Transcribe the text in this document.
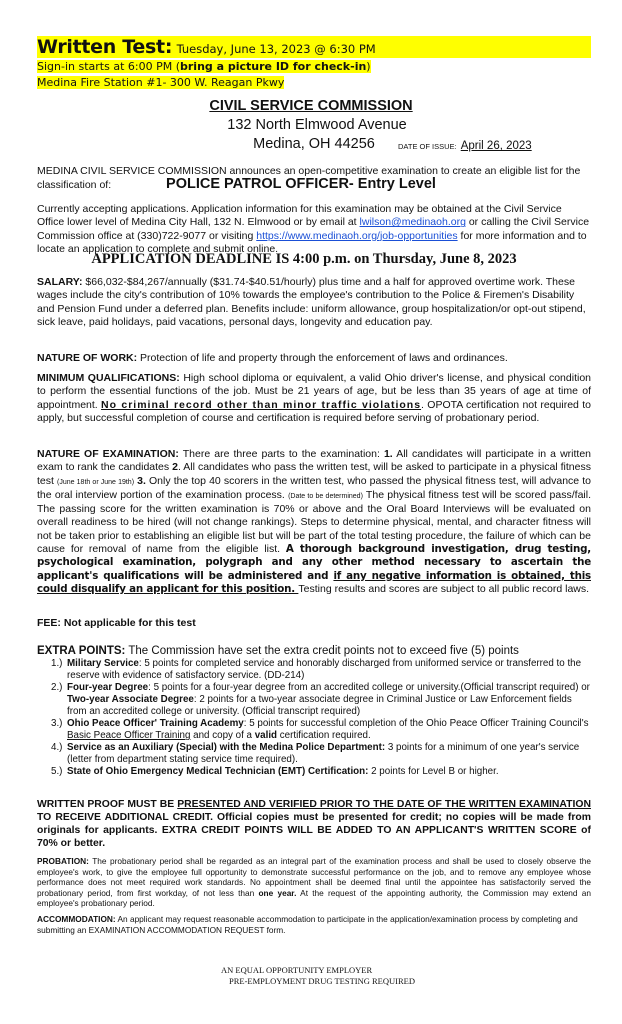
Written Test: Tuesday, June 13, 2023 @ 6:30 PM
Sign-in starts at 6:00 PM (bring a picture ID for check-in)
Medina Fire Station #1- 300 W. Reagan Pkwy
CIVIL SERVICE COMMISSION
132 North Elmwood Avenue
Medina, OH 44256	DATE OF ISSUE: April 26, 2023
MEDINA CIVIL SERVICE COMMISSION announces an open-competitive examination to create an eligible list for the classification of:	POLICE PATROL OFFICER- Entry Level
Currently accepting applications. Application information for this examination may be obtained at the Civil Service Office lower level of Medina City Hall, 132 N. Elmwood or by email at lwilson@medinaoh.org or calling the Civil Service Commission office at (330)722-9077 or visiting https://www.medinaoh.org/job-opportunities for more information and to locate an application to complete and submit online.
APPLICATION DEADLINE IS 4:00 p.m. on Thursday, June 8, 2023
SALARY: $66,032-$84,267/annually ($31.74-$40.51/hourly) plus time and a half for approved overtime work. These wages include the city's contribution of 10% towards the employee's contribution to the Police & Firemen's Disability and Pension Fund under a deferred plan. Benefits include: uniform allowance, group hospitalization/or opt-out stipend, sick leave, paid holidays, paid vacations, personal days, longevity and education pay.
NATURE OF WORK: Protection of life and property through the enforcement of laws and ordinances.
MINIMUM QUALIFICATIONS: High school diploma or equivalent, a valid Ohio driver's license, and physical condition to perform the essential functions of the job. Must be 21 years of age, but be less than 35 years of age at time of appointment. No criminal record other than minor traffic violations. OPOTA certification not required to apply, but successful completion of course and certification is required before serving of probationary period.
NATURE OF EXAMINATION: There are three parts to the examination: 1. All candidates will participate in a written exam to rank the candidates 2. All candidates who pass the written test, will be asked to participate in a physical fitness test (June 18th or June 19th) 3. Only the top 40 scorers in the written test, who passed the physical fitness test, will advance to the oral interview portion of the examination process. (Date to be determined) The physical fitness test will be scored pass/fail. The passing score for the written examination is 70% or above and the Oral Board Interviews will be evaluated on overall readiness to be hired (will not change rankings). Steps to determine physical, mental, and character fitness will not be taken prior to establishing an eligible list but will be part of the total testing procedure, the failure of which can be cause for removal of name from the eligible list. A thorough background investigation, drug testing, psychological examination, polygraph and any other method necessary to ascertain the applicant's qualifications will be administered and if any negative information is obtained, this could disqualify an applicant for this position. Testing results and scores are subject to all public record laws.
FEE: Not applicable for this test
EXTRA POINTS: The Commission have set the extra credit points not to exceed five (5) points
1.) Military Service: 5 points for completed service and honorably discharged from uniformed service or transferred to the reserve with evidence of satisfactory service. (DD-214)
2.) Four-year Degree: 5 points for a four-year degree from an accredited college or university.(Official transcript required) or
Two-year Associate Degree: 2 points for a two-year associate degree in Criminal Justice or Law Enforcement fields from an accredited college or university. (Official transcript required)
3.) Ohio Peace Officer' Training Academy: 5 points for successful completion of the Ohio Peace Officer Training Council's Basic Peace Officer Training and copy of a valid certification required.
4.) Service as an Auxiliary (Special) with the Medina Police Department: 3 points for a minimum of one year's service (letter from department stating service time required).
5.) State of Ohio Emergency Medical Technician (EMT) Certification: 2 points for Level B or higher.
WRITTEN PROOF MUST BE PRESENTED AND VERIFIED PRIOR TO THE DATE OF THE WRITTEN EXAMINATION TO RECEIVE ADDITIONAL CREDIT. Official copies must be presented for credit; no copies will be made from originals for applicants. EXTRA CREDIT POINTS WILL BE ADDED TO AN APPLICANT'S WRITTEN SCORE of 70% or better.
PROBATION: The probationary period shall be regarded as an integral part of the examination process and shall be used to closely observe the employee's work, to give the employee full opportunity to demonstrate successful performance on the job, and to remove any employee whose performance does not meet required work standards. No appointment shall be deemed final until the appointee has satisfactorily served the probationary period, from first workday, of not less than one year. At the request of the appointing authority, the Commission may extend an employee's probationary period.
ACCOMMODATION: An applicant may request reasonable accommodation to participate in the application/examination process by completing and submitting an EXAMINATION ACCOMMODATION REQUEST form.
AN EQUAL OPPORTUNITY EMPLOYER
PRE-EMPLOYMENT DRUG TESTING REQUIRED
